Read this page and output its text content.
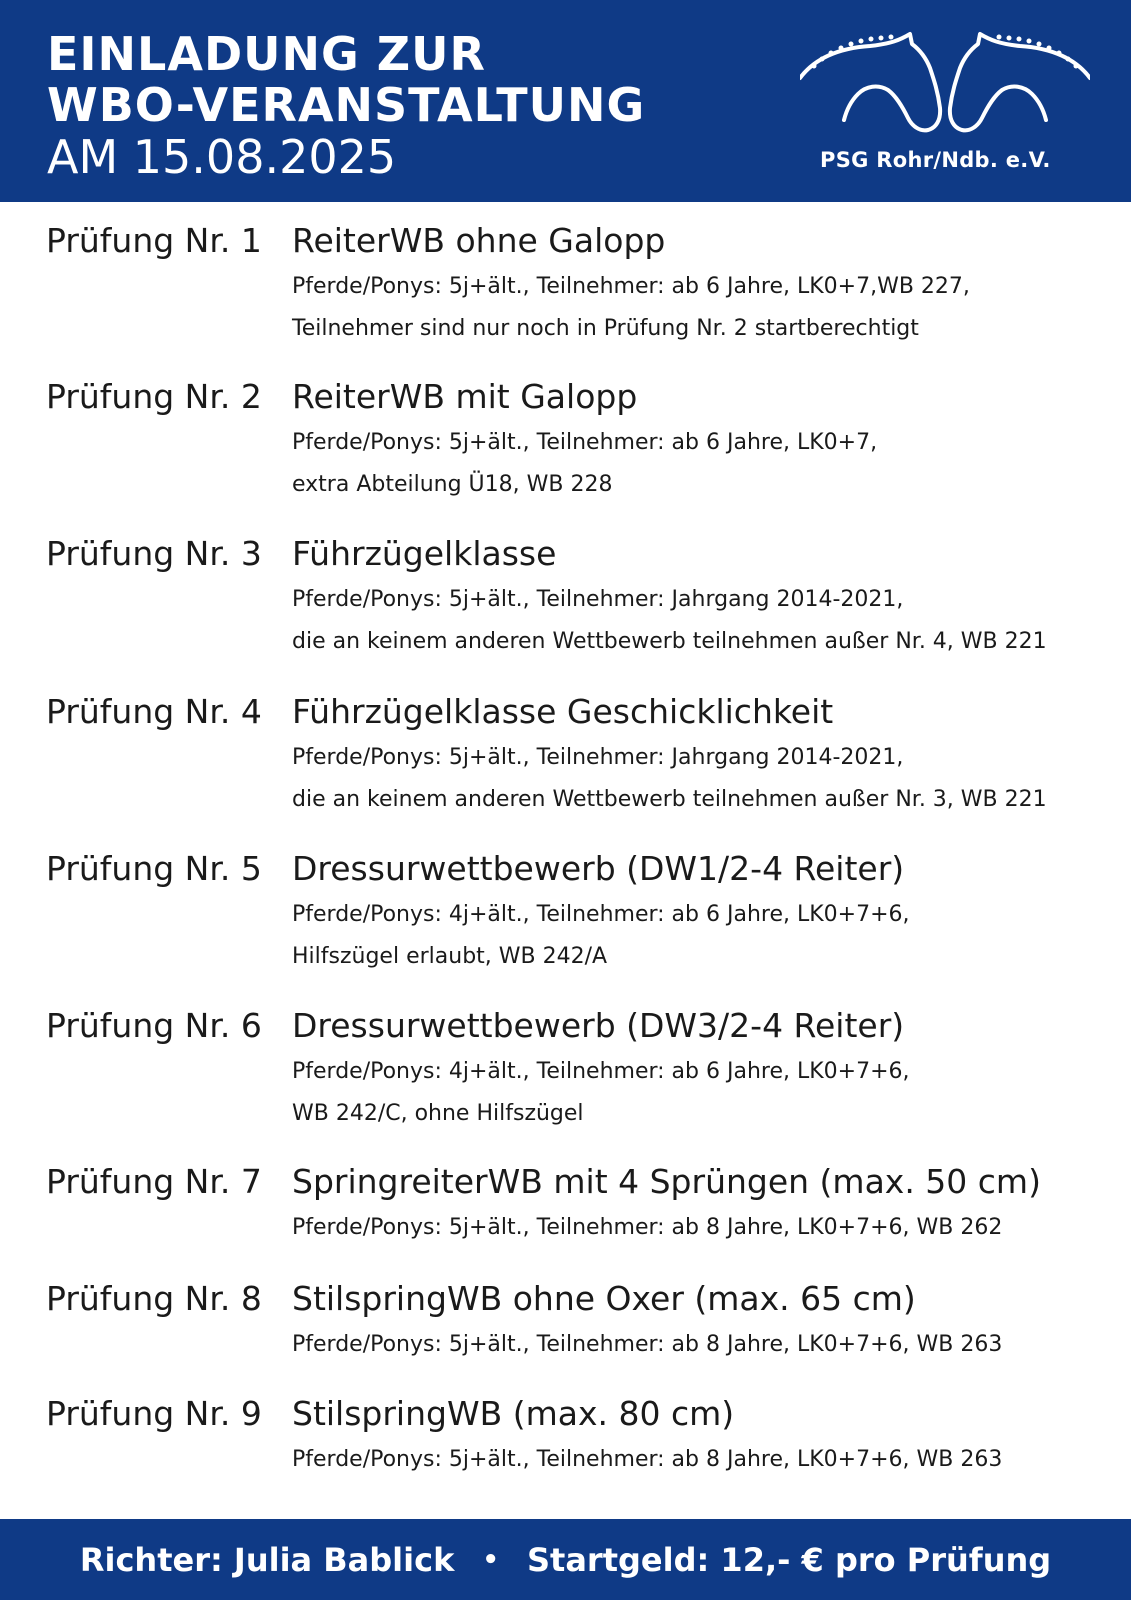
EINLADUNG ZUR
WBO-VERANSTALTUNG
AM 15.08.2025	PSG Rohr/Ndb. e.V.
Prüfung Nr. 1 ReiterWB ohne Galopp
Pferde/Ponys: 5j+ält., Teilnehmer: ab 6 Jahre, LK0+7,WB 227,
Teilnehmer sind nur noch in Prüfung Nr. 2 startberechtigt
Prüfung Nr. 2 ReiterWB mit Galopp
Pferde/Ponys: 5j+ält., Teilnehmer: ab 6 Jahre, LK0+7,
extra Abteilung Ü18, WB 228
Prüfung Nr. 3 Führzügelklasse
Pferde/Ponys: 5j+ält., Teilnehmer: Jahrgang 2014-2021,
die an keinem anderen Wettbewerb teilnehmen außer Nr. 4, WB 221
Prüfung Nr. 4 Führzügelklasse Geschicklichkeit
Pferde/Ponys: 5j+ält., Teilnehmer: Jahrgang 2014-2021,
die an keinem anderen Wettbewerb teilnehmen außer Nr. 3, WB 221
Prüfung Nr. 5 Dressurwettbewerb (DW1/2-4 Reiter)
Pferde/Ponys: 4j+ält., Teilnehmer: ab 6 Jahre, LK0+7+6,
Hilfszügel erlaubt, WB 242/A
Prüfung Nr. 6 Dressurwettbewerb (DW3/2-4 Reiter)
Pferde/Ponys: 4j+ält., Teilnehmer: ab 6 Jahre, LK0+7+6,
WB 242/C, ohne Hilfszügel
Prüfung Nr. 7 SpringreiterWB mit 4 Sprüngen (max. 50 cm)
Pferde/Ponys: 5j+ält., Teilnehmer: ab 8 Jahre, LK0+7+6, WB 262
Prüfung Nr. 8 StilspringWB ohne Oxer (max. 65 cm)
Pferde/Ponys: 5j+ält., Teilnehmer: ab 8 Jahre, LK0+7+6, WB 263
Prüfung Nr. 9 StilspringWB (max. 80 cm)
Pferde/Ponys: 5j+ält., Teilnehmer: ab 8 Jahre, LK0+7+6, WB 263
Richter: Julia Bablick • Startgeld: 12,- € pro Prüfung
